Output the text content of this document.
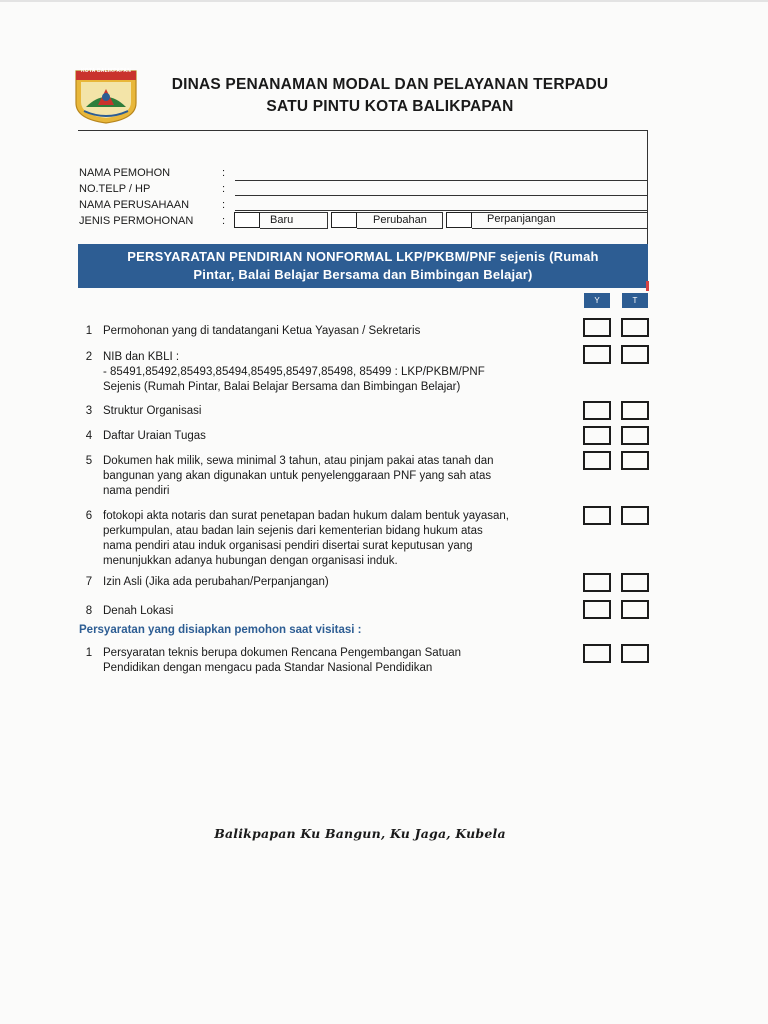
KOTA BALIKPAPAN
DINAS PENANAMAN MODAL DAN PELAYANAN TERPADU
SATU PINTU KOTA BALIKPAPAN
NAMA PEMOHON	:
NO.TELP / HP	:
NAMA PERUSAHAAN	:
JENIS PERMOHONAN	:	Baru	Perubahan	Perpanjangan
PERSYARATAN PENDIRIAN NONFORMAL LKP/PKBM/PNF sejenis (Rumah
Pintar, Balai Belajar Bersama dan Bimbingan Belajar)
Y	T
1 Permohonan yang di tandatangani Ketua Yayasan / Sekretaris
2 NIB dan KBLI :
- 85491,85492,85493,85494,85495,85497,85498, 85499 : LKP/PKBM/PNF
Sejenis (Rumah Pintar, Balai Belajar Bersama dan Bimbingan Belajar)
3 Struktur Organisasi
4 Daftar Uraian Tugas
5 Dokumen hak milik, sewa minimal 3 tahun, atau pinjam pakai atas tanah dan
bangunan yang akan digunakan untuk penyelenggaraan PNF yang sah atas
nama pendiri
6 fotokopi akta notaris dan surat penetapan badan hukum dalam bentuk yayasan,
perkumpulan, atau badan lain sejenis dari kementerian bidang hukum atas
nama pendiri atau induk organisasi pendiri disertai surat keputusan yang
menunjukkan adanya hubungan dengan organisasi induk.
7 Izin Asli (Jika ada perubahan/Perpanjangan)
8 Denah Lokasi
Persyaratan yang disiapkan pemohon saat visitasi :
1 Persyaratan teknis berupa dokumen Rencana Pengembangan Satuan
Pendidikan dengan mengacu pada Standar Nasional Pendidikan
Balikpapan Ku Bangun, Ku Jaga, Kubela
